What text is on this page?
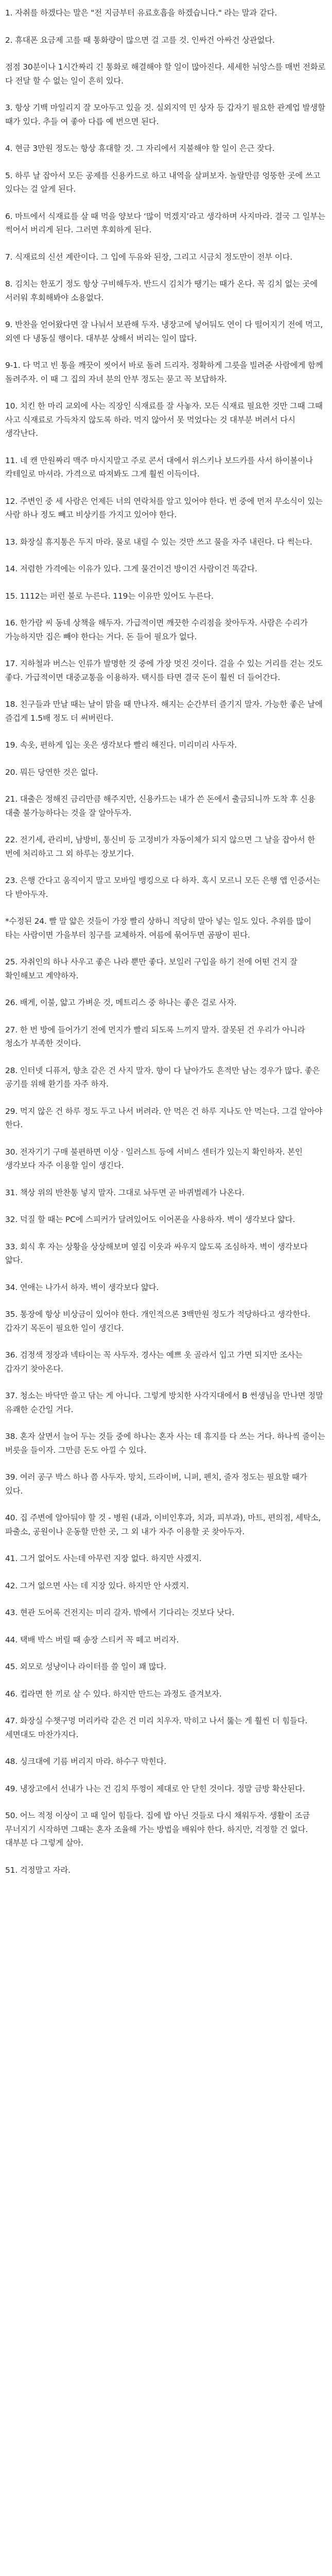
1. 자취를 하겠다는 말은 "전 지금부터 유료호흡을 하겠습니다." 라는 말과 같다.

2. 휴대폰 요금제 고를 때 통화량이 많으면 걸 고를 것. 인싸건 아싸건 상관없다.

점점 30분이나 1시간짜리 긴 통화로 해결해야 할 일이 많아진다. 세세한 뉘앙스를 매번 전화로 다 전달 할 수 없는 일이 흔히 있다.

3. 항상 기백 마일리지 잘 모아두고 있을 것. 실외지역 민 상자 등 갑자기 필요한 관계업 발생할 때가 있다. 추들 여 좋아 다릅 예 번으면 된다.

4. 현금 3만원 정도는 항상 휴대할 것. 그 자리에서 지불해야 할 일이 은근 잦다.

5. 하루 날 잡아서 모든 공제를 신용카드로 하고 내역을 살펴보자. 놀랄만큼 엉뚱한 곳에 쓰고 있다는 걸 알게 된다.

6. 마트에서 식재료를 살 때 먹을 양보다 ‘많이 먹겠지’라고 생각하며 사지마라. 결국 그 일부는 썩어서 버리게 된다. 그러면 후회하게 된다.

7. 식재료의 신선 계란이다. 그 입에 두유와 된장, 그리고 시금치 정도만이 전부 이다.

8. 김치는 한포기 정도 항상 구비해두자. 반드시 김치가 땡기는 때가 온다. 꼭 김치 없는 곳에 서러워 후회해봐야 소용없다.

9. 반찬을 얻어왔다면 잘 나눠서 보관해 두자. 냉장고에 넣어둬도 연이 다 떨어지기 전에 먹고, 외엔 다 냉동실 행이다. 대부분 상해서 버리는 일이 많다.

9-1. 다 먹고 빈 통을 깨끗이 씻어서 바로 돌려 드리자. 정확하게 그릇을 빌려준 사람에게 함께 돌려주자. 이 때 그 집의 자녀 분의 안부 정도는 묻고 꼭 보답하자.

10. 치킨 한 마리 교외에 사는 직장인 식재료를 잘 사놓자. 모든 식재료 필요한 것만 그때 그때 사고 식재료로 가득차지 않도록 하라. 먹지 않아서 못 먹었다는 것 대부분 버려서 다시 생각난다.

11. 네 캔 만원짜리 맥주 마시지말고 주로 콘서 대에서 위스키나 보드카를 사서 하이볼이나 칵테일로 마셔라. 가격으로 따져봐도 그게 훨씬 이득이다.

12. 주변인 중 세 사람은 언제든 너의 연락처를 알고 있어야 한다. 번 중에 먼저 무소식이 있는 사람 하나 정도 빼고 비상키를 가지고 있어야 한다.

13. 화장실 휴지통은 두지 마라. 물로 내릴 수 있는 것만 쓰고 물을 자주 내린다. 다 썩는다.

14. 저렴한 가격에는 이유가 있다. 그게 물건이건 방이건 사람이건 똑같다.

15. 1112는 퍼런 불로 누른다. 119는 이유만 있어도 누른다.

16. 한가람 씨 동네 상책을 해두자. 가급적이면 깨끗한 수리점을 찾아두자. 사람은 수리가 가능하지만 집은 빼야 한다는 거다. 돈 들어 필요가 없다.

17. 지하철과 버스는 인류가 발명한 것 중에 가장 멋진 것이다. 걸을 수 있는 거리를 걷는 것도 좋다. 가급적이면 대중교통을 이용하자. 택시를 타면 결국 돈이 훨씬 더 들어간다.

18. 친구들과 만날 때는 날이 맑을 때 만나자. 해지는 순간부터 즐기지 말자. 가능한 좋은 날에 즐겁게 1.5배 정도 더 써버린다.

19. 속옷, 편하게 입는 옷은 생각보다 빨리 해진다. 미리미리 사두자.

20. 뭐든 당연한 것은 없다.

21. 대출은 정해진 금리만큼 해주지만, 신용카드는 내가 쓴 돈에서 출금되니까 도착 후 신용 대출 불가능하다는 것을 잘 알아두자.

22. 전기세, 관리비, 남방비, 통신비 등 고정비가 자동이체가 되지 않으면 그 날을 잡아서 한 번에 처리하고 그 외 하루는 장보기다.

23. 은행 간다고 움직이지 말고 모바일 뱅킹으로 다 하자. 혹시 모르니 모든 은행 앱 인증서는 다 받아두자.

*수정된 24. 빨 말 얇은 것들이 가장 빨리 상하니 적당히 말아 넣는 일도 있다. 추위를 많이 타는 사람이면 가을부터 침구를 교체하자. 여름에 묶어두면 곰팡이 핀다.

25. 자취인의 하나 사우고 좋은 나라 뿐만 좋다. 보일러 구입을 하기 전에 어떤 건지 잘 확인해보고 계약하자.

26. 배게, 이불, 얇고 가벼운 것, 메트리스 중 하나는 좋은 걸로 사자.

27. 한 번 방에 들어가기 전에 먼지가 빨리 되도록 느끼지 말자. 잘못된 건 우리가 아니라 청소가 부족한 것이다.

28. 인터넷 디퓨저, 향초 같은 건 사지 말자. 향이 다 날아가도 흔적만 남는 경우가 많다. 좋은 공기를 위해 환기를 자주 하자.

29. 먹지 않은 건 하루 정도 두고 나서 버려라. 안 먹은 건 하루 지나도 안 먹는다. 그걸 알아야 한다.

30. 전자기기 구매 불편하면 이상 · 일러스트 등에 서비스 센터가 있는지 확인하자. 본인 생각보다 자주 이용할 일이 생긴다.

31. 책상 위의 반찬통 넣지 말자. 그대로 놔두면 곧 바퀴벌레가 나온다.

32. 덕질 할 때는 PC에 스피커가 달려있어도 이어폰을 사용하자. 벽이 생각보다 얇다.

33. 회식 후 자는 상황을 상상해보며 옆집 이웃과 싸우지 않도록 조심하자. 벽이 생각보다 얇다.

34. 연애는 나가서 하자. 벽이 생각보다 얇다.

35. 통장에 항상 비상금이 있어야 한다. 개인적으론 3백만원 정도가 적당하다고 생각한다. 갑자기 목돈이 필요한 일이 생긴다.

36. 검정색 정장과 넥타이는 꼭 사두자. 경사는 예쁘 옷 골라서 입고 가면 되지만 조사는 갑자기 찾아온다.

37. 청소는 바닥만 쓸고 닦는 게 아니다. 그렇게 방치한 사각지대에서 B 썬생님을 만나면 정말 유쾌한 순간일 거다.

38. 혼자 살면서 늘어 두는 것들 중에 하나는 혼자 사는 데 휴지를 다 쓰는 거다. 하나씩 줄이는 버릇을 들이자. 그만큼 돈도 아낄 수 있다.

39. 여러 공구 박스 하나 쯤 사두자. 망치, 드라이버, 니퍼, 펜치, 줄자 정도는 필요할 때가 있다.

40. 집 주변에 알아둬야 할 것 - 병원 (내과, 이비인후과, 치과, 피부과), 마트, 편의점, 세탁소, 파출소, 공원이나 운동할 만한 곳, 그 외 내가 자주 이용할 곳 찾아두자.

41. 그거 없어도 사는데 아무런 지장 없다. 하지만 사겠지.

42. 그거 없으면 사는 데 지장 있다. 하지만 안 사겠지.

43. 현관 도어록 건전지는 미리 갈자. 밖에서 기다리는 것보다 낫다.

44. 택배 박스 버릴 때 송장 스티커 꼭 떼고 버리자.

45. 외모로 성냥이나 라이터를 쓸 일이 꽤 많다.

46. 컵라면 한 끼로 살 수 있다. 하지만 만드는 과정도 즐겨보자.

47. 화장실 수챗구멍 머리카락 같은 건 미리 치우자. 막히고 나서 뚫는 게 훨씬 더 힘들다. 세면대도 마찬가지다.

48. 싱크대에 기름 버리지 마라. 하수구 막힌다.

49. 냉장고에서 선내가 나는 건 김치 뚜껑이 제대로 안 닫힌 것이다. 정말 금방 확산된다.

50. 어느 적정 이상이 고 때 일어 힘들다. 집에 밥 아닌 것들로 다시 채워두자. 생활이 조금 무너지기 시작하면 그때는 혼자 조율해 가는 방법을 배워야 한다. 하지만, 걱정할 건 없다. 대부분 다 그렇게 살아.

51. 걱정말고 자라.
